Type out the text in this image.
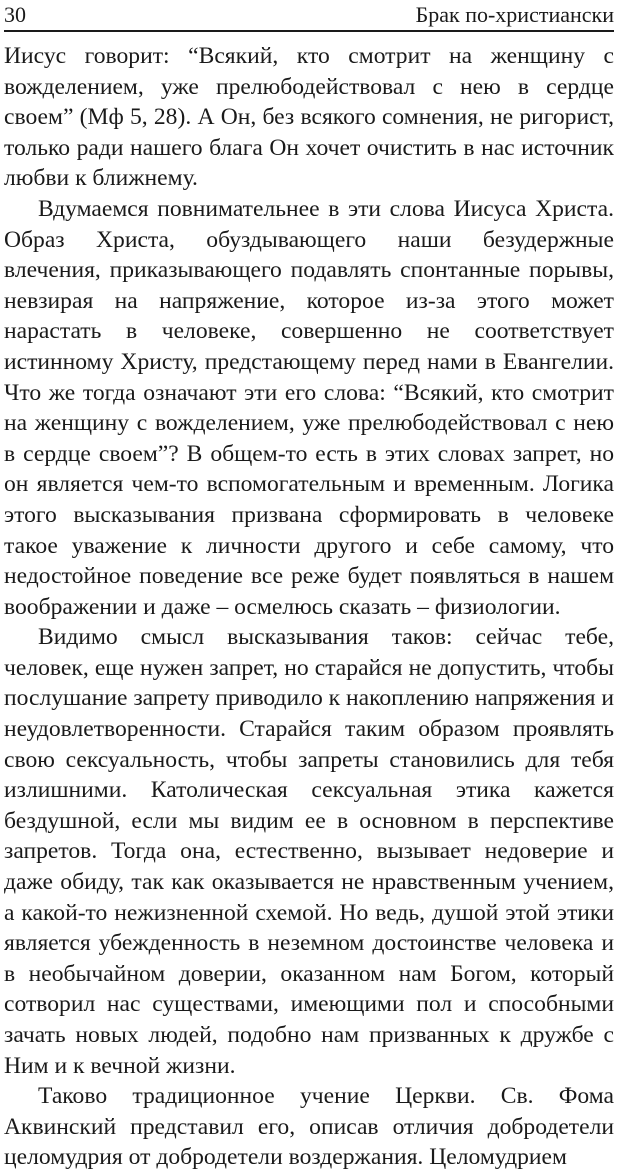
30	Брак по-христиански

Иисус говорит: “Всякий, кто смотрит на женщину с вожделением, уже прелюбодействовал с нею в сердце своем” (Мф 5, 28). А Он, без всякого сомнения, не ригорист, только ради нашего блага Он хочет очистить в нас источник любви к ближнему.

Вдумаемся повнимательнее в эти слова Иисуса Христа. Образ Христа, обуздывающего наши безудержные влечения, приказывающего подавлять спонтанные порывы, невзирая на напряжение, которое из-за этого может нарастать в человеке, совершенно не соответствует истинному Христу, предстающему перед нами в Евангелии. Что же тогда означают эти его слова: “Всякий, кто смотрит на женщину с вожделением, уже прелюбодействовал с нею в сердце своем”? В общем-то есть в этих словах запрет, но он является чем-то вспомогательным и временным. Логика этого высказывания призвана сформировать в человеке такое уважение к личности другого и себе самому, что недостойное поведение все реже будет появляться в нашем воображении и даже – осмелюсь сказать – физиологии.

Видимо смысл высказывания таков: сейчас тебе, человек, еще нужен запрет, но старайся не допустить, чтобы послушание запрету приводило к накоплению напряжения и неудовлетворенности. Старайся таким образом проявлять свою сексуальность, чтобы запреты становились для тебя излишними. Католическая сексуальная этика кажется бездушной, если мы видим ее в основном в перспективе запретов. Тогда она, естественно, вызывает недоверие и даже обиду, так как оказывается не нравственным учением, а какой-то нежизненной схемой. Но ведь, душой этой этики является убежденность в неземном достоинстве человека и в необычайном доверии, оказанном нам Богом, который сотворил нас существами, имеющими пол и способными зачать новых людей, подобно нам призванных к дружбе с Ним и к вечной жизни.

Таково традиционное учение Церкви. Св. Фома Аквинский представил его, описав отличия добродетели целомудрия от добродетели воздержания. Целомудрием
